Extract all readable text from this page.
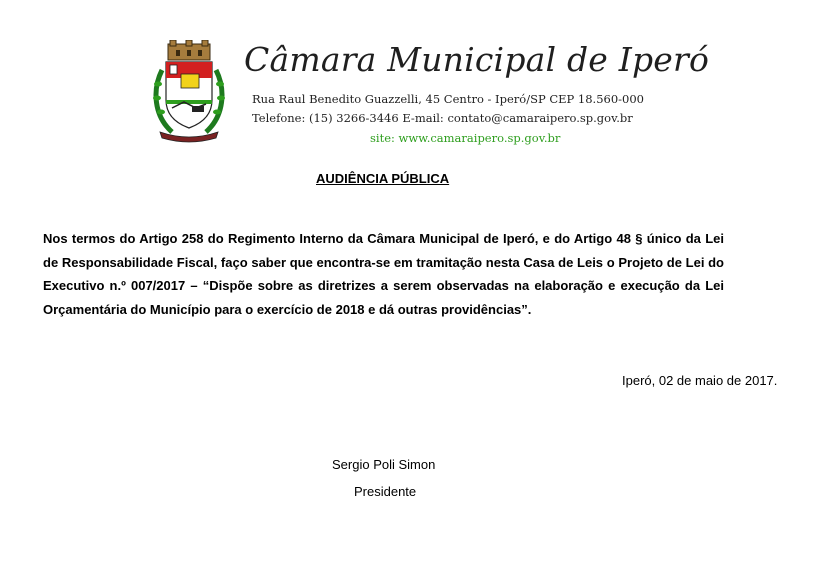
Câmara Municipal de Iperó
Rua Raul Benedito Guazzelli, 45 Centro - Iperó/SP CEP 18.560-000
Telefone: (15) 3266-3446 E-mail: contato@camaraipero.sp.gov.br
site: www.camaraipero.sp.gov.br
AUDIÊNCIA PÚBLICA

Nos termos do Artigo 258 do Regimento Interno da Câmara Municipal de Iperó, e do Artigo 48 § único da Lei de Responsabilidade Fiscal, faço saber que encontra-se em tramitação nesta Casa de Leis o Projeto de Lei do Executivo n.º 007/2017 – “Dispõe sobre as diretrizes a serem observadas na elaboração e execução da Lei Orçamentária do Município para o exercício de 2018 e dá outras providências”.

Iperó, 02 de maio de 2017.
Sergio Poli Simon
Presidente
